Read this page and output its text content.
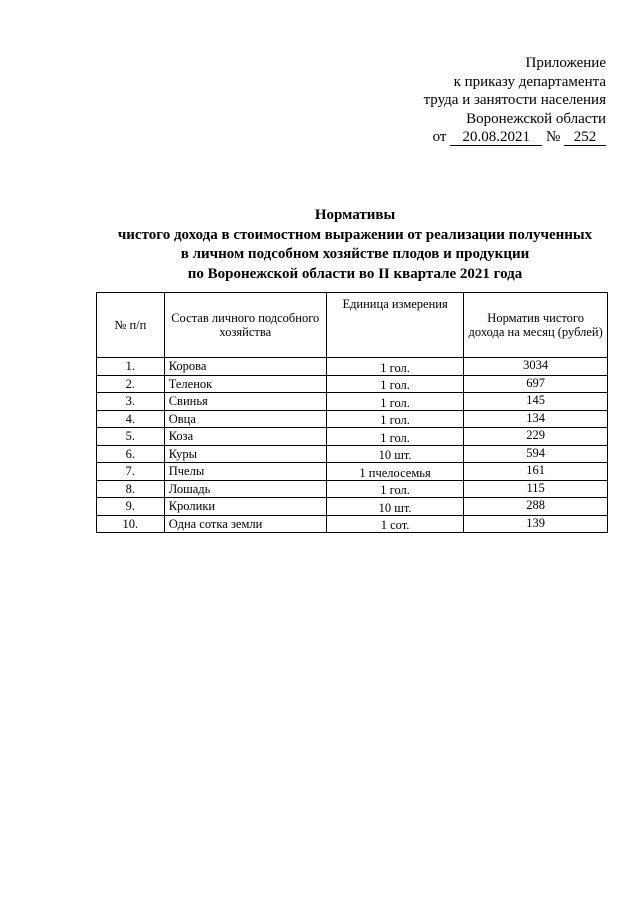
Приложение
к приказу департамента
труда и занятости населения
Воронежской области
от 20.08.2021 № 252
Нормативы
чистого дохода в стоимостном выражении от реализации полученных
в личном подсобном хозяйстве плодов и продукции
по Воронежской области во II квартале 2021 года
№ п/п	Состав личного подсобного хозяйства	Единица измерения	Норматив чистого дохода на месяц (рублей)
1.	Корова	1 гол.	3034
2.	Теленок	1 гол.	697
3.	Свинья	1 гол.	145
4.	Овца	1 гол.	134
5.	Коза	1 гол.	229
6.	Куры	10 шт.	594
7.	Пчелы	1 пчелосемья	161
8.	Лошадь	1 гол.	115
9.	Кролики	10 шт.	288
10.	Одна сотка земли	1 сот.	139
